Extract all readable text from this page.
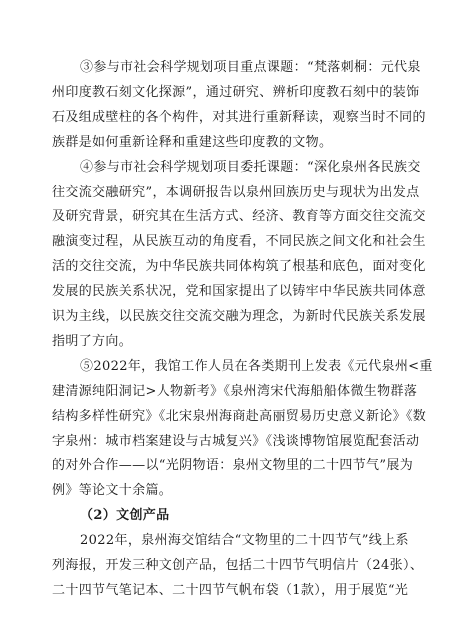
③参与市社会科学规划项目重点课题：“梵落刺桐：元代泉
州印度教石刻文化探源”，通过研究、辨析印度教石刻中的装饰
石及组成壁柱的各个构件，对其进行重新释读，观察当时不同的
族群是如何重新诠释和重建这些印度教的文物。
④参与市社会科学规划项目委托课题：“深化泉州各民族交
往交流交融研究”，本调研报告以泉州回族历史与现状为出发点
及研究背景，研究其在生活方式、经济、教育等方面交往交流交
融演变过程，从民族互动的角度看，不同民族之间文化和社会生
活的交往交流，为中华民族共同体构筑了根基和底色，面对变化
发展的民族关系状况，党和国家提出了以铸牢中华民族共同体意
识为主线，以民族交往交流交融为理念，为新时代民族关系发展
指明了方向。
⑤2022年，我馆工作人员在各类期刊上发表《元代泉州<重
建清源纯阳洞记>人物新考》《泉州湾宋代海船船体微生物群落
结构多样性研究》《北宋泉州海商赴高丽贸易历史意义新论》《数
字泉州：城市档案建设与古城复兴》《浅谈博物馆展览配套活动
的对外合作——以“光阴物语：泉州文物里的二十四节气”展为
例》等论文十余篇。
（2）文创产品
2022年，泉州海交馆结合“文物里的二十四节气”线上系
列海报，开发三种文创产品，包括二十四节气明信片（24张）、
二十四节气笔记本、二十四节气帆布袋（1款），用于展览“光
